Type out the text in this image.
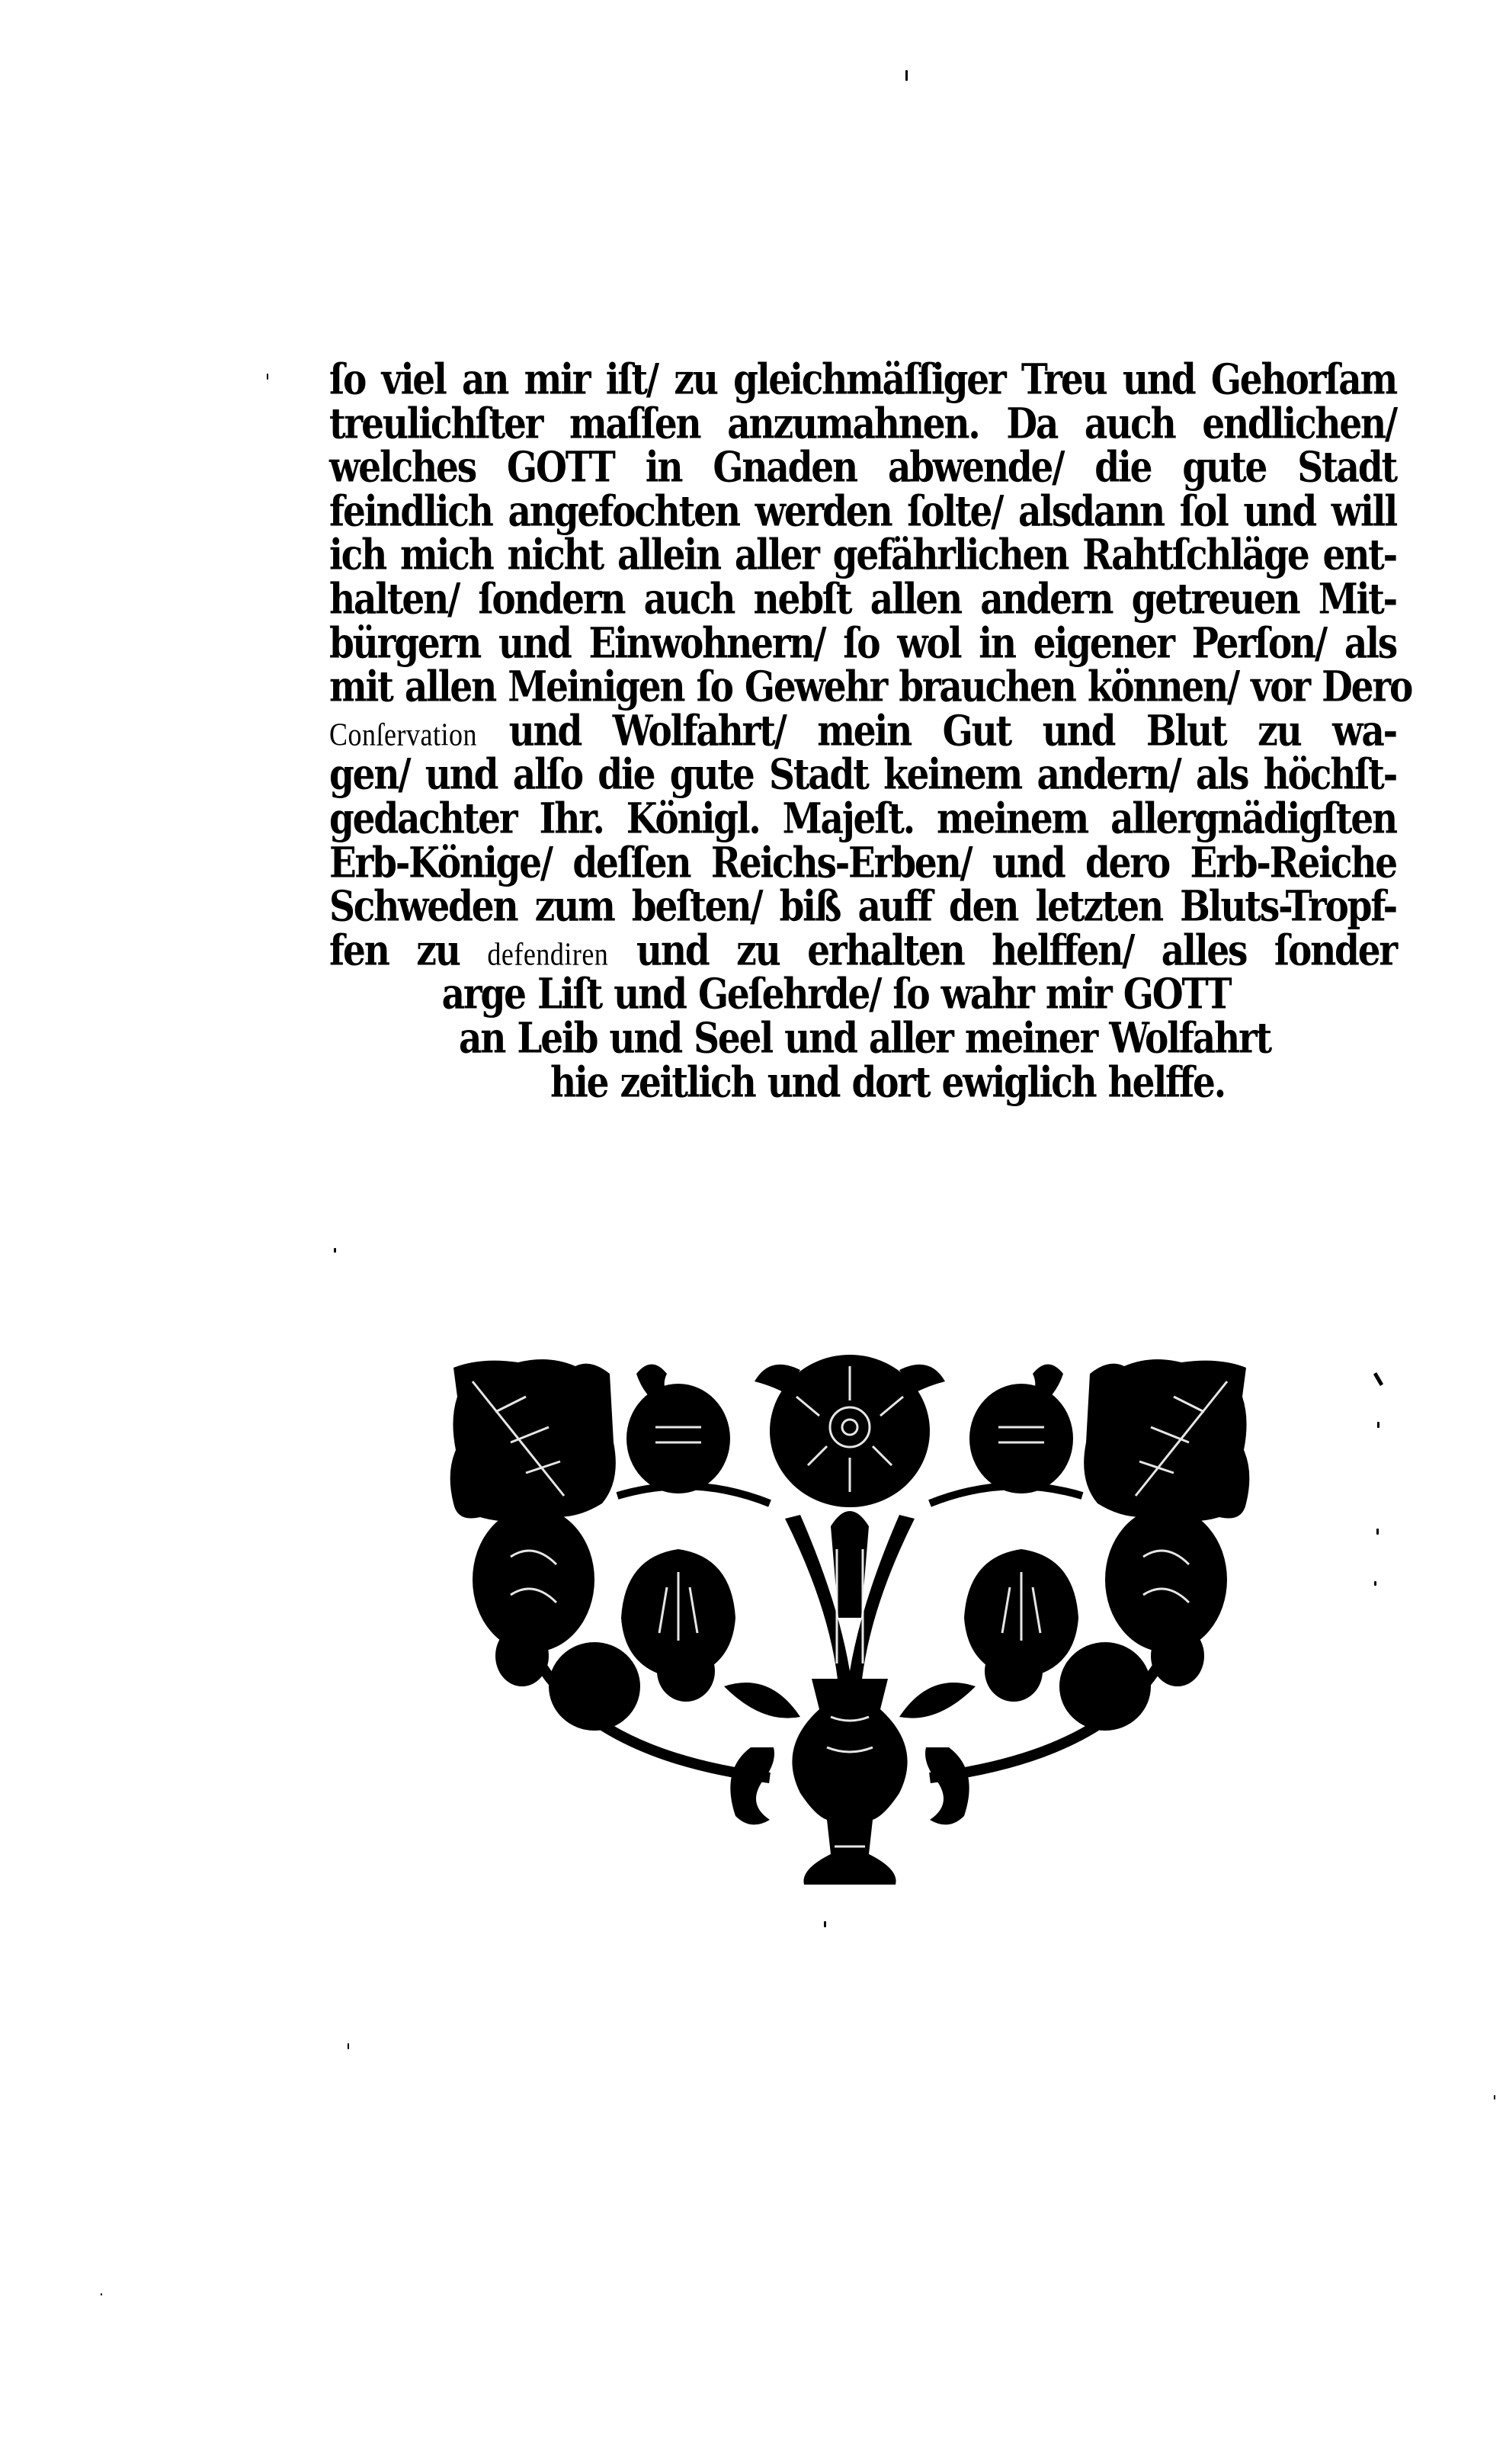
ſo viel an mir iſt/ zu gleichmäſſiger Treu und Gehorſam
treulichſter maſſen anzumahnen. Da auch endlichen/
welches GOTT in Gnaden abwende/ die gute Stadt
feindlich angefochten werden ſolte/ alsdann ſol und will
ich mich nicht allein aller gefährlichen Rahtſchläge ent-
halten/ ſondern auch nebſt allen andern getreuen Mit-
bürgern und Einwohnern/ ſo wol in eigener Perſon/ als
mit allen Meinigen ſo Gewehr brauchen können/ vor Dero
Conſervation und Wolfahrt/ mein Gut und Blut zu wa-
gen/ und alſo die gute Stadt keinem andern/ als höchſt-
gedachter Ihr. Königl. Majeſt. meinem allergnädigſten
Erb-Könige/ deſſen Reichs-Erben/ und dero Erb-Reiche
Schweden zum beſten/ biß auff den letzten Bluts-Tropf-
fen zu defendiren und zu erhalten helffen/ alles ſonder
arge Liſt und Geſehrde/ ſo wahr mir GOTT
an Leib und Seel und aller meiner Wolfahrt
hie zeitlich und dort ewiglich helffe.
